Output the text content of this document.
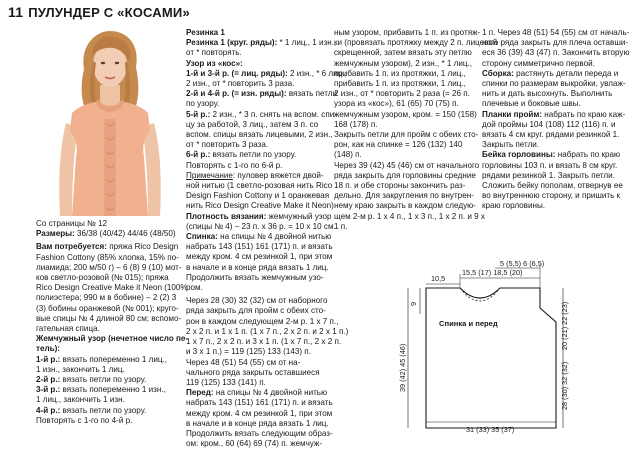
11 ПУЛУНДЕР С «КОСАМИ»
Со страницы № 12
Размеры: 36/38 (40/42) 44/46 (48/50)
Вам потребуется: пряжа Rico Design
Fashion Cottony (85% хлопка, 15% по-
лиамида; 200 м/50 г) – 6 (8) 9 (10) мот-
ков светло-розовой (№ 015); пряжа
Rico Design Creative Make it Neon (100%
полиэстера; 990 м в бобине) – 2 (2) 3
(3) бобины оранжевой (№ 001); круго-
вые спицы № 4 длиной 80 см; вспомо-
гательная спица.
Жемчужный узор (нечетное число пе-
тель):
1-й р.: вязать попеременно 1 лиц.,
1 изн., закончить 1 лиц.
2-й р.: вязать петли по узору.
3-й р.: вязать попеременно 1 изн.,
1 лиц., закончить 1 изн.
4-й р.: вязать петли по узору.
Повторять с 1-го по 4-й р.
Резинка 1
Резинка 1 (круг. ряды): * 1 лиц., 1 изн.,
от * повторять.
Узор из «кос»:
1-й и 3-й р. (= лиц. ряды): 2 изн., * 6 лиц.,
2 изн., от * повторить 3 раза.
2-й и 4-й р. (= изн. ряды): вязать петли
по узору.
5-й р.: 2 изн., * 3 п. снять на вспом. спи-
цу за работой, 3 лиц., затем 3 п. со
вспом. спицы вязать лицевыми, 2 изн.,
от * повторить 3 раза.
6-й р.: вязать петли по узору.
Повторять с 1-го по 6-й р.
Примечание: пуловер вяжется двой-
ной нитью (1 светло-розовая нить Rico
Design Fashion Cottony и 1 оранжевая
нить Rico Design Creative Make it Neon).
Плотность вязания: жемчужный узор
(спицы № 4) – 23 п. х 36 р. = 10 х 10 см.
Спинка: на спицы № 4 двойной нитью
набрать 143 (151) 161 (171) п. и вязать
между кром. 4 см резинкой 1, при этом
в начале и в конце ряда вязать 1 лиц.
Продолжить вязать жемчужным узо-
ром.
Через 28 (30) 32 (32) см от наборного
ряда закрыть для пройм с обеих сто-
рон в каждом следующем 2-м р. 1 х 7 п.,
2 х 2 п. и 1 х 1 п. (1 х 7 п., 2 х 2 п. и 2 х 1 п.)
1 х 7 п., 2 х 2 п. и 3 х 1 п. (1 х 7 п., 2 х 2 п.
и 3 х 1 п.) = 119 (125) 133 (143) п.
Через 48 (51) 54 (55) см от на-
чального ряда закрыть оставшиеся
119 (125) 133 (141) п.
Перед: на спицы № 4 двойной нитью
набрать 143 (151) 161 (171) п. и вязать
между кром. 4 см резинкой 1, при этом
в начале и в конце ряда вязать 1 лиц.
Продолжить вязать следующим образ-
ом: кром., 60 (64) 69 (74) п. жемчуж-
ным узором, прибавить 1 п. из протяж-
ки (провязать протяжку между 2 п. лицевой
скрещенной, затем вязать эту петлю
жемчужным узором), 2 изн., * 1 лиц.,
прибавить 1 п. из протяжки, 1 лиц.,
прибавить 1 п. из протяжки, 1 лиц.,
2 изн., от * повторить 2 раза (= 26 п.
узора из «кос»), 61 (65) 70 (75) п.
жемчужным узором, кром. = 150 (158)
168 (178) п.
Закрыть петли для пройм с обеих сто-
рон, как на спинке = 126 (132) 140
(148) п.
Через 39 (42) 45 (46) см от начального
ряда закрыть для горловины средние
18 п. и обе стороны закончить раз-
дельно. Для закругления по внутрен-
нему краю закрыть в каждом следую-
щем 2-м р. 1 х 4 п., 1 х 3 п., 1 х 2 п. и 9 х
1 п.
1 п. Через 48 (51) 54 (55) см от началь-
ного ряда закрыть для плеча оставши-
еся 36 (39) 43 (47) п. Закончить вторую
сторону симметрично первой.
Сборка: растянуть детали переда и
спинки по размерам выкройки, увлаж-
нить и дать высохнуть. Выполнить
плечевые и боковые швы.
Планки пройм: набрать по краю каж-
дой проймы 104 (108) 112 (116) п. и
вязать 4 см круг. рядами резинкой 1.
Закрыть петли.
Бейка горловины: набрать по краю
горловины 103 п. и вязать 8 см круг.
рядами резинкой 1. Закрыть петли.
Сложить бейку пополам, отвернув ее
во внутреннюю сторону, и пришить к
краю горловины.
5 (5,5) 6 (6,5)
15,5 (17) 18,5 (20)
10,5
9
39 (42) 45 (46)
20 (21) 22 (23)
28 (30) 32 (32)
Спинка и перед
31 (33) 35 (37)
